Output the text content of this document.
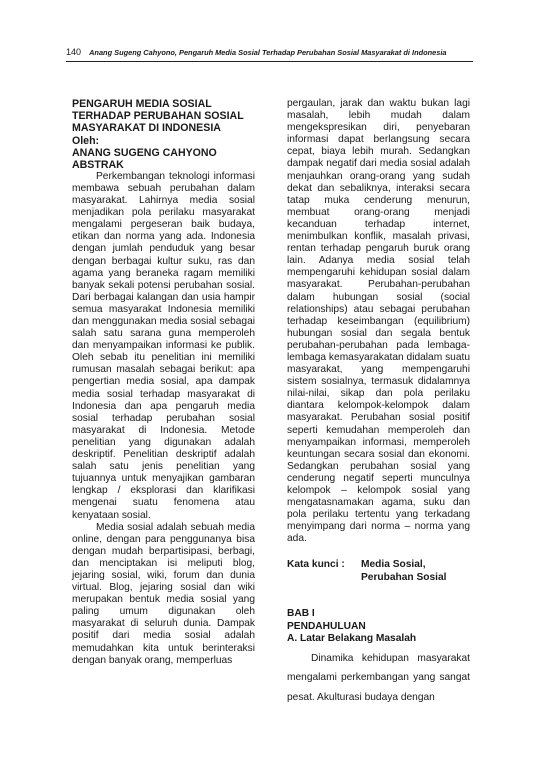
140 Anang Sugeng Cahyono, Pengaruh Media Sosial Terhadap Perubahan Sosial Masyarakat di Indonesia

PENGARUH MEDIA SOSIAL

TERHADAP PERUBAHAN SOSIAL

MASYARAKAT DI INDONESIA

Oleh:

ANANG SUGENG CAHYONO

ABSTRAK

Perkembangan teknologi informasi membawa sebuah perubahan dalam masyarakat. Lahirnya media sosial menjadikan pola perilaku masyarakat mengalami pergeseran baik budaya, etikan dan norma yang ada. Indonesia dengan jumlah penduduk yang besar dengan berbagai kultur suku, ras dan agama yang beraneka ragam memiliki banyak sekali potensi perubahan sosial. Dari berbagai kalangan dan usia hampir semua masyarakat Indonesia memiliki dan menggunakan media sosial sebagai salah satu sarana guna memperoleh dan menyampaikan informasi ke publik. Oleh sebab itu penelitian ini memiliki rumusan masalah sebagai berikut: apa pengertian media sosial, apa dampak media sosial terhadap masyarakat di Indonesia dan apa pengaruh media sosial terhadap perubahan sosial masyarakat di Indonesia. Metode penelitian yang digunakan adalah deskriptif. Penelitian deskriptif adalah salah satu jenis penelitian yang tujuannya untuk menyajikan gambaran lengkap / eksplorasi dan klarifikasi mengenai suatu fenomena atau kenyataan sosial.

Media sosial adalah sebuah media online, dengan para penggunanya bisa dengan mudah berpartisipasi, berbagi, dan menciptakan isi meliputi blog, jejaring sosial, wiki, forum dan dunia virtual. Blog, jejaring sosial dan wiki merupakan bentuk media sosial yang paling umum digunakan oleh masyarakat di seluruh dunia. Dampak positif dari media sosial adalah memudahkan kita untuk berinteraksi dengan banyak orang, memperluas

pergaulan, jarak dan waktu bukan lagi masalah, lebih mudah dalam mengekspresikan diri, penyebaran informasi dapat berlangsung secara cepat, biaya lebih murah. Sedangkan dampak negatif dari media sosial adalah menjauhkan orang-orang yang sudah dekat dan sebaliknya, interaksi secara tatap muka cenderung menurun, membuat orang-orang menjadi kecanduan terhadap internet, menimbulkan konflik, masalah privasi, rentan terhadap pengaruh buruk orang lain. Adanya media sosial telah mempengaruhi kehidupan sosial dalam masyarakat. Perubahan-perubahan dalam hubungan sosial (social relationships) atau sebagai perubahan terhadap keseimbangan (equilibrium) hubungan sosial dan segala bentuk perubahan-perubahan pada lembaga-lembaga kemasyarakatan didalam suatu masyarakat, yang mempengaruhi sistem sosialnya, termasuk didalamnya nilai-nilai, sikap dan pola perilaku diantara kelompok-kelompok dalam masyarakat. Perubahan sosial positif seperti kemudahan memperoleh dan menyampaikan informasi, memperoleh keuntungan secara sosial dan ekonomi. Sedangkan perubahan sosial yang cenderung negatif seperti munculnya kelompok – kelompok sosial yang mengatasnamakan agama, suku dan pola perilaku tertentu yang terkadang menyimpang dari norma – norma yang ada.

Kata kunci :	Media Sosial,
Perubahan Sosial

BAB I

PENDAHULUAN

A. Latar Belakang Masalah

Dinamika kehidupan masyarakat mengalami perkembangan yang sangat pesat. Akulturasi budaya dengan
